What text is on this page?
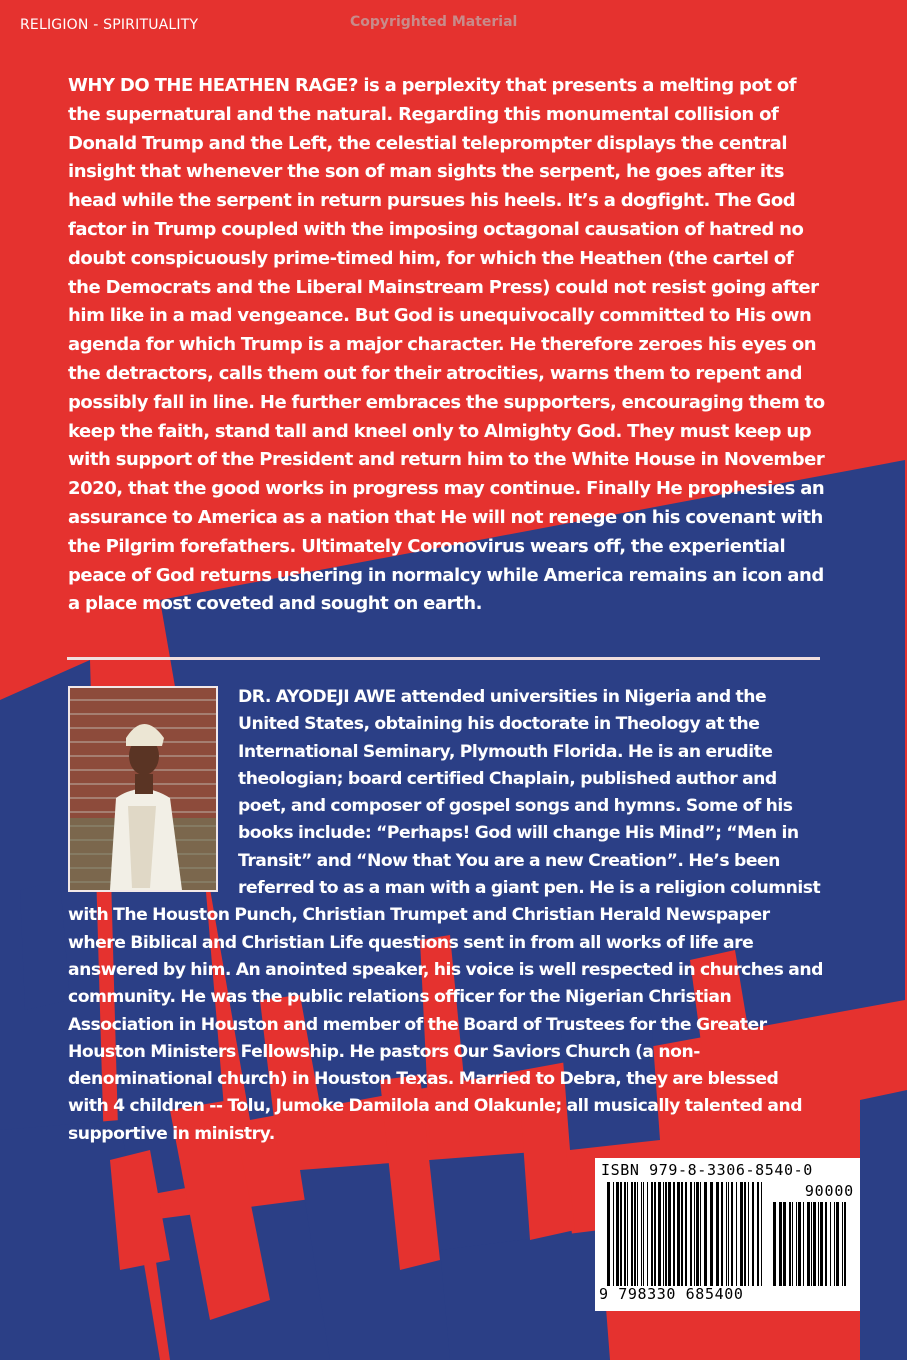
RELIGION - SPIRITUALITY	Copyrighted Material
WHY DO THE HEATHEN RAGE? is a perplexity that presents a melting pot of the supernatural and the natural. Regarding this monumental collision of Donald Trump and the Left, the celestial teleprompter displays the central insight that whenever the son of man sights the serpent, he goes after its head while the serpent in return pursues his heels. It’s a dogfight. The God factor in Trump coupled with the imposing octagonal causation of hatred no doubt conspicuously prime-timed him, for which the Heathen (the cartel of the Democrats and the Liberal Mainstream Press) could not resist going after him like in a mad vengeance. But God is unequivocally committed to His own agenda for which Trump is a major character. He therefore zeroes his eyes on the detractors, calls them out for their atrocities, warns them to repent and possibly fall in line. He further embraces the supporters, encouraging them to keep the faith, stand tall and kneel only to Almighty God. They must keep up with support of the President and return him to the White House in November 2020, that the good works in progress may continue. Finally He prophesies an assurance to America as a nation that He will not renege on his covenant with the Pilgrim forefathers. Ultimately Coronovirus wears off, the experiential peace of God returns ushering in normalcy while America remains an icon and a place most coveted and sought on earth.
DR. AYODEJI AWE attended universities in Nigeria and the United States, obtaining his doctorate in Theology at the International Seminary, Plymouth Florida. He is an erudite theologian; board certified Chaplain, published author and poet, and composer of gospel songs and hymns. Some of his books include: “Perhaps! God will change His Mind”; “Men in Transit” and “Now that You are a new Creation”. He’s been referred to as a man with a giant pen. He is a religion columnist with The Houston Punch, Christian Trumpet and Christian Herald Newspaper where Biblical and Christian Life questions sent in from all works of life are answered by him. An anointed speaker, his voice is well respected in churches and community. He was the public relations officer for the Nigerian Christian Association in Houston and member of the Board of Trustees for the Greater Houston Ministers Fellowship. He pastors Our Saviors Church (a non-denominational church) in Houston Texas. Married to Debra, they are blessed with 4 children -- Tolu, Jumoke Damilola and Olakunle; all musically talented and supportive in ministry.
ISBN 979-8-3306-8540-0
90000
9 798330 685400
